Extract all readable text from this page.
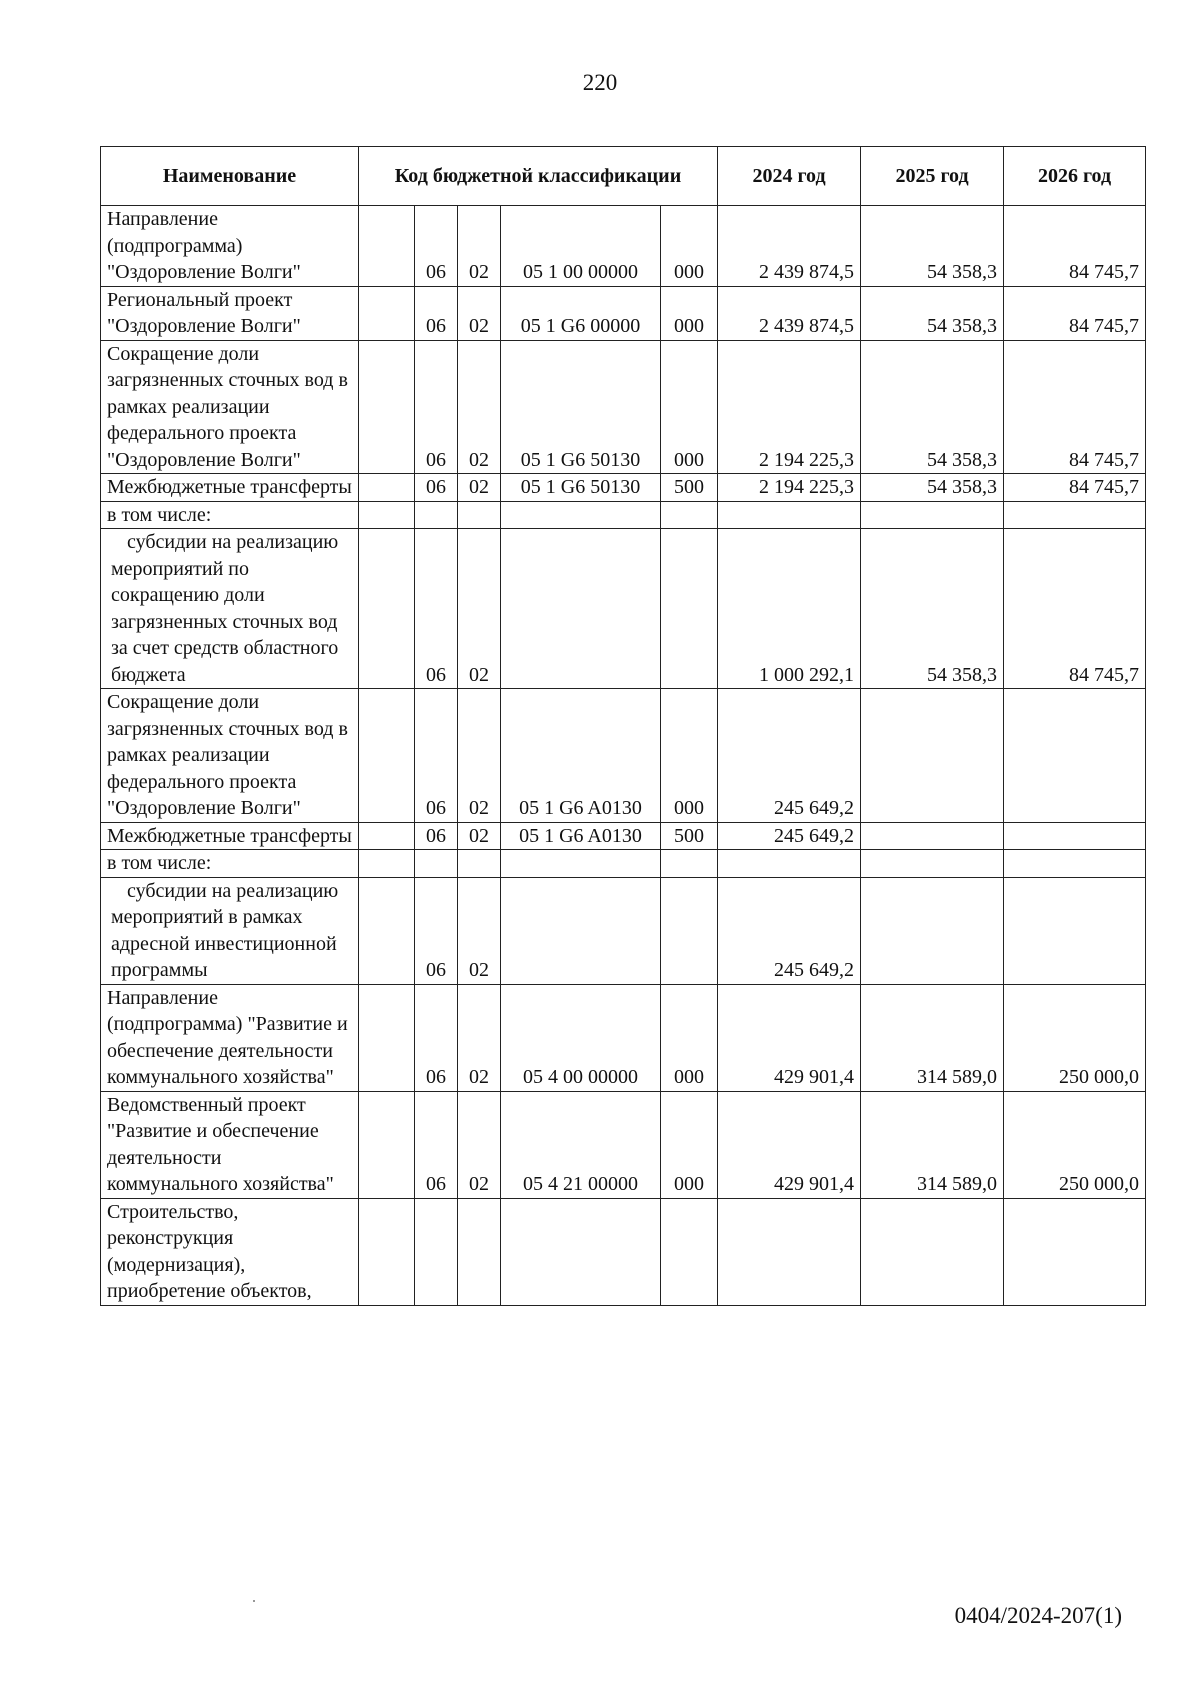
220
Наименование	Код бюджетной классификации					2024 год	2025 год	2026 год
Направление (подпрограмма) "Оздоровление Волги"		06	02	05 1 00 00000	000	2 439 874,5	54 358,3	84 745,7
Региональный проект "Оздоровление Волги"		06	02	05 1 G6 00000	000	2 439 874,5	54 358,3	84 745,7
Сокращение доли загрязненных сточных вод в рамках реализации федерального проекта "Оздоровление Волги"		06	02	05 1 G6 50130	000	2 194 225,3	54 358,3	84 745,7
Межбюджетные трансферты		06	02	05 1 G6 50130	500	2 194 225,3	54 358,3	84 745,7
в том числе:								
субсидии на реализацию мероприятий по сокращению доли загрязненных сточных вод за счет средств областного бюджета		06	02			1 000 292,1	54 358,3	84 745,7
Сокращение доли загрязненных сточных вод в рамках реализации федерального проекта "Оздоровление Волги"		06	02	05 1 G6 A0130	000	245 649,2		
Межбюджетные трансферты		06	02	05 1 G6 A0130	500	245 649,2		
в том числе:								
субсидии на реализацию мероприятий в рамках адресной инвестиционной программы		06	02			245 649,2		
Направление (подпрограмма) "Развитие и обеспечение деятельности коммунального хозяйства"		06	02	05 4 00 00000	000	429 901,4	314 589,0	250 000,0
Ведомственный проект "Развитие и обеспечение деятельности коммунального хозяйства"		06	02	05 4 21 00000	000	429 901,4	314 589,0	250 000,0
Строительство, реконструкция (модернизация), приобретение объектов,								
0404/2024-207(1)
